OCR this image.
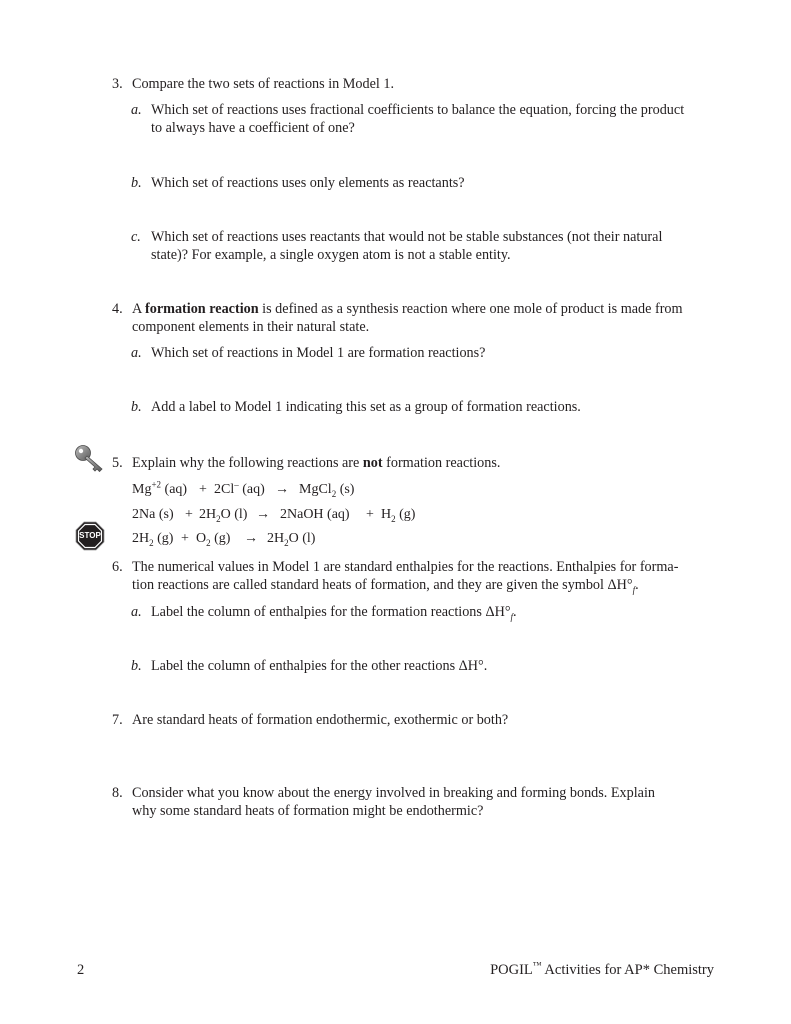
3. Compare the two sets of reactions in Model 1.
a. Which set of reactions uses fractional coefficients to balance the equation, forcing the product
to always have a coefficient of one?
b. Which set of reactions uses only elements as reactants?
c. Which set of reactions uses reactants that would not be stable substances (not their natural
state)? For example, a single oxygen atom is not a stable entity.
4. A formation reaction is defined as a synthesis reaction where one mole of product is made from
component elements in their natural state.
a. Which set of reactions in Model 1 are formation reactions?
b. Add a label to Model 1 indicating this set as a group of formation reactions.
5. Explain why the following reactions are not formation reactions.
$Mg^{+2}$ (aq) + 2Cl– (aq) → MgCl$_2$ (s)
2Na $(s) + 2H_2O$ (l) → 2NaOH $(aq) + H_2$ (g)
STOP $2H_2$ $(g) + O_2$ $(g) \to 2H_2O$ (l)
6. The numerical values in Model 1 are standard enthalpies for the reactions. Enthalpies for forma-
tion reactions are called standard heats of formation, and they are given the symbol $\Delta H^\circ_f$.
a. Label the column of enthalpies for the formation reactions $\Delta H^\circ_f$.
b. Label the column of enthalpies for the other reactions ΔH°.
7. Are standard heats of formation endothermic, exothermic or both?
8. Consider what you know about the energy involved in breaking and forming bonds. Explain
why some standard heats of formation might be endothermic?
2	POGIL™ Activities for AP* Chemistry
